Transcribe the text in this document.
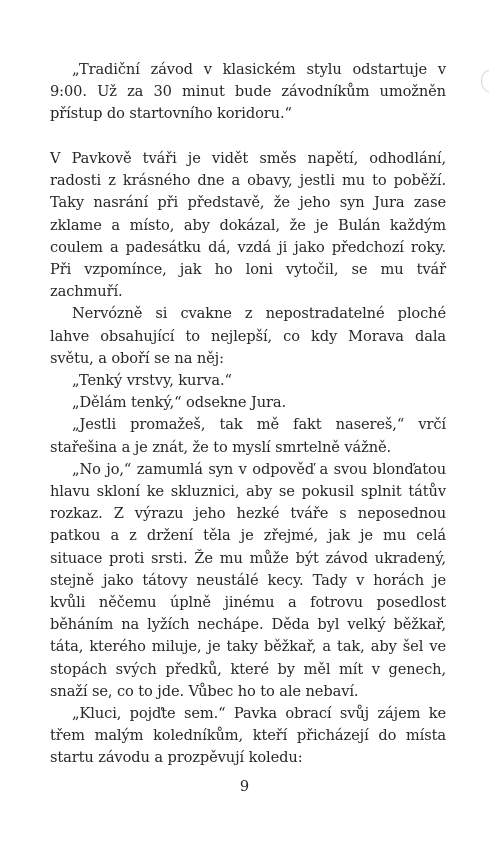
„Tradiční závod v klasickém stylu odstartuje v 9:00. Už za 30 minut bude závodníkům umožněn přístup do startovního koridoru.“

V Pavkově tváři je vidět směs napětí, odhodlání, radosti z krásného dne a obavy, jestli mu to poběží. Taky nasrání při představě, že jeho syn Jura zase zklame a místo, aby dokázal, že je Bulán každým coulem a padesátku dá, vzdá ji jako předchozí roky. Při vzpomínce, jak ho loni vytočil, se mu tvář zachmuří.

Nervózně si cvakne z nepostradatelné ploché lahve obsahující to nejlepší, co kdy Morava dala světu, a oboří se na něj:

„Tenký vrstvy, kurva.“

„Dělám tenký,“ odsekne Jura.

„Jestli promažeš, tak mě fakt nasereš,“ vrčí stařešina a je znát, že to myslí smrtelně vážně.

„No jo,“ zamumlá syn v odpověď a svou blonďatou hlavu skloní ke skluznici, aby se pokusil splnit tátův rozkaz. Z výrazu jeho hezké tváře s neposednou patkou a z držení těla je zřejmé, jak je mu celá situace proti srsti. Že mu může být závod ukradený, stejně jako tátovy neustálé kecy. Tady v horách je kvůli něčemu úplně jinému a fotrovu posedlost běháním na lyžích nechápe. Děda byl velký běžkař, táta, kterého miluje, je taky běžkař, a tak, aby šel ve stopách svých předků, které by měl mít v genech, snaží se, co to jde. Vůbec ho to ale nebaví.

„Kluci, pojďte sem.“ Pavka obrací svůj zájem ke třem malým koledníkům, kteří přicházejí do místa startu závodu a prozpěvují koledu:

9
